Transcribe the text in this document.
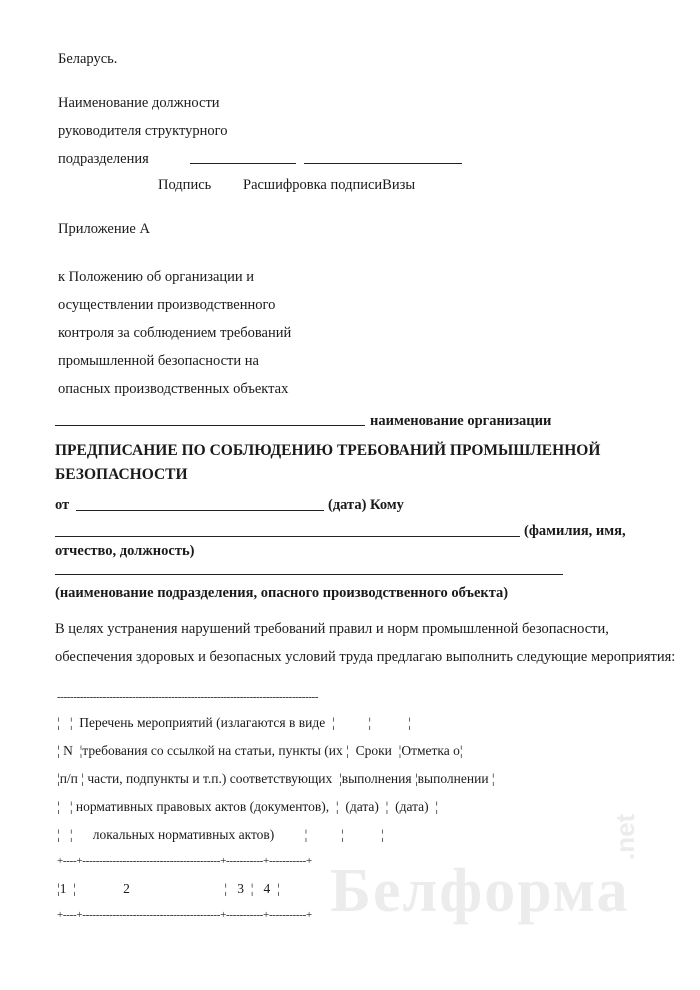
Белформа
.net
Беларусь.
Наименование должности
руководителя структурного
подразделения
Подпись Расшифровка подписиВизы
Приложение А
к Положению об организации и
осуществлении производственного
контроля за соблюдением требований
промышленной безопасности на
опасных производственных объектах
наименование организации
ПРЕДПИСАНИЕ ПО СОБЛЮДЕНИЮ ТРЕБОВАНИЙ ПРОМЫШЛЕННОЙ
БЕЗОПАСНОСТИ
от	(дата) Кому
(фамилия, имя,
отчество, должность)
(наименование подразделения, опасного производственного объекта)
В целях устранения нарушений требований правил и норм промышленной безопасности,
обеспечения здоровых и безопасных условий труда предлагаю выполнить следующие мероприятия:
--------------------------------------------------------------------------------
¦   ¦  Перечень мероприятий (излагаются в виде  ¦          ¦           ¦
¦ N  ¦требования со ссылкой на статьи, пункты (их ¦  Сроки  ¦Отметка о¦
¦п/п ¦ части, подпункты и т.п.) соответствующих  ¦выполнения ¦выполнении ¦
¦   ¦ нормативных правовых актов (документов),  ¦  (дата)  ¦  (дата)  ¦
¦   ¦      локальных нормативных актов)         ¦          ¦           ¦
+----+-----------------------------------------+-----------+-----------+
¦1  ¦              2                            ¦   3  ¦   4  ¦
+----+-----------------------------------------+-----------+-----------+
